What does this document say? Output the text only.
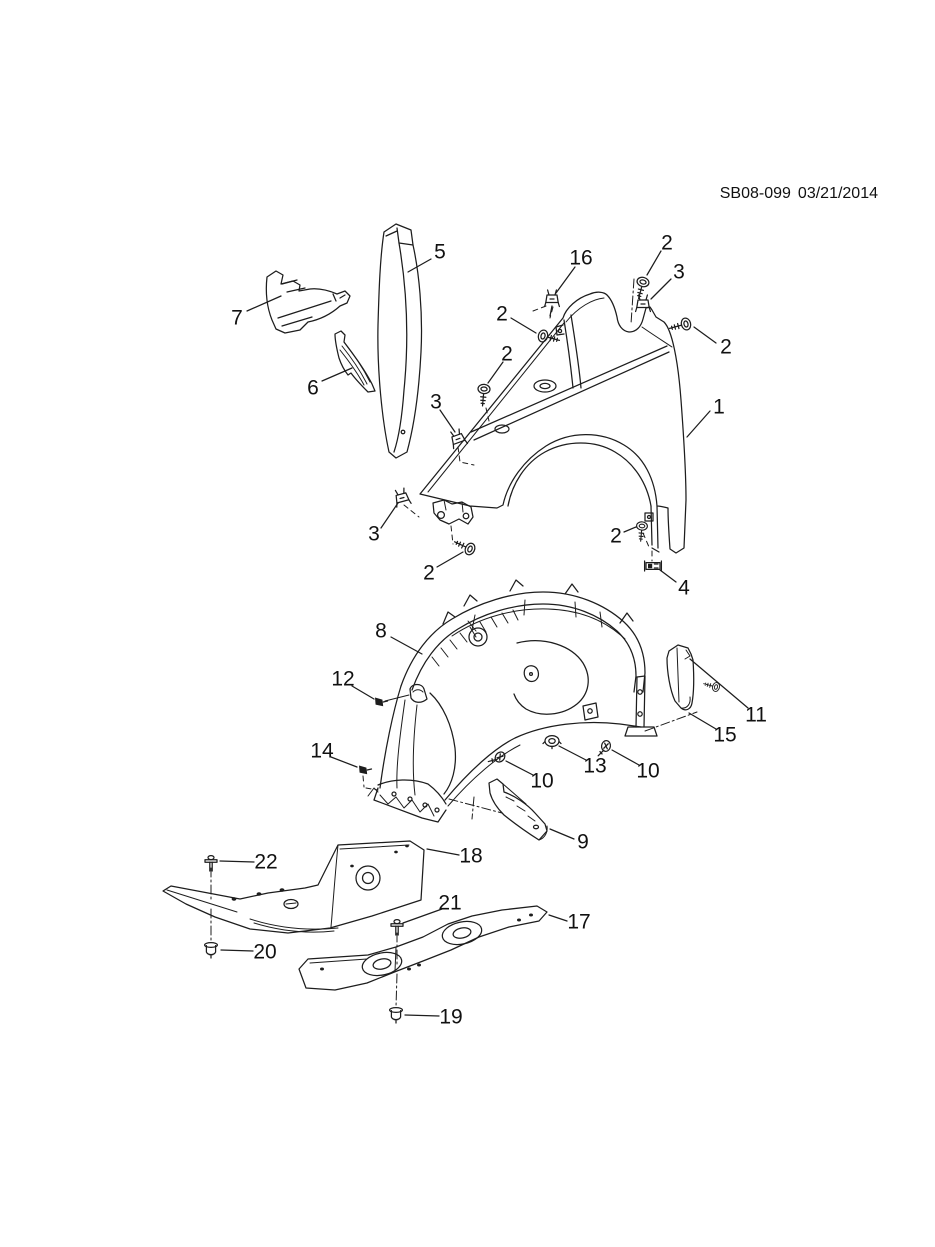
SB08-099 03/21/2014
5
7
6
16
2
3
2
2
2
3	1
3
2
2
4
8
12
14
10
13 10
11
15
9
22	18
20
21
17
19
